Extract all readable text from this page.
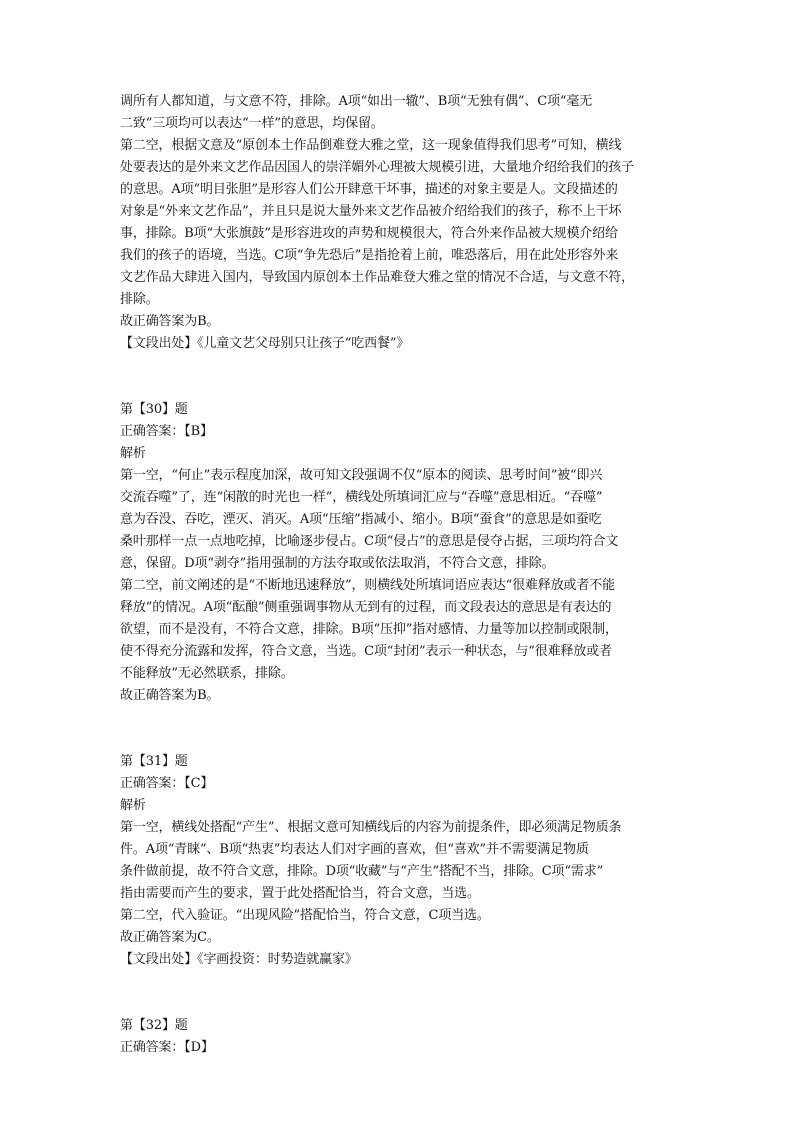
调所有人都知道，与文意不符，排除。A项“如出一辙”、B项“无独有偶”、C项“毫无
二致”三项均可以表达“一样”的意思，均保留。
第二空，根据文意及“原创本土作品倒难登大雅之堂，这一现象值得我们思考”可知，横线
处要表达的是外来文艺作品因国人的崇洋媚外心理被大规模引进，大量地介绍给我们的孩子
的意思。A项“明目张胆”是形容人们公开肆意干坏事，描述的对象主要是人。文段描述的
对象是“外来文艺作品”，并且只是说大量外来文艺作品被介绍给我们的孩子，称不上干坏
事，排除。B项“大张旗鼓”是形容进攻的声势和规模很大，符合外来作品被大规模介绍给
我们的孩子的语境，当选。C项“争先恐后”是指抢着上前，唯恐落后，用在此处形容外来
文艺作品大肆进入国内，导致国内原创本土作品难登大雅之堂的情况不合适，与文意不符，
排除。
故正确答案为B。
【文段出处】《儿童文艺父母别只让孩子“吃西餐”》
第【30】题
正确答案：【B】
解析
第一空，“何止”表示程度加深，故可知文段强调不仅“原本的阅读、思考时间”被“即兴
交流吞噬”了，连“闲散的时光也一样”，横线处所填词汇应与“吞噬”意思相近。“吞噬”
意为吞没、吞吃，湮灭、消灭。A项“压缩”指减小、缩小。B项“蚕食”的意思是如蚕吃
桑叶那样一点一点地吃掉，比喻逐步侵占。C项“侵占”的意思是侵夺占据，三项均符合文
意，保留。D项“剥夺”指用强制的方法夺取或依法取消，不符合文意，排除。
第二空，前文阐述的是“不断地迅速释放”，则横线处所填词语应表达“很难释放或者不能
释放”的情况。A项“酝酿”侧重强调事物从无到有的过程，而文段表达的意思是有表达的
欲望，而不是没有，不符合文意，排除。B项“压抑”指对感情、力量等加以控制或限制，
使不得充分流露和发挥，符合文意，当选。C项“封闭”表示一种状态，与“很难释放或者
不能释放”无必然联系，排除。
故正确答案为B。
第【31】题
正确答案：【C】
解析
第一空，横线处搭配“产生”、根据文意可知横线后的内容为前提条件，即必须满足物质条
件。A项“青睐”、B项“热衷”均表达人们对字画的喜欢，但“喜欢”并不需要满足物质
条件做前提，故不符合文意，排除。D项“收藏”与“产生”搭配不当，排除。C项“需求”
指由需要而产生的要求，置于此处搭配恰当，符合文意，当选。
第二空，代入验证。“出现风险”搭配恰当，符合文意，C项当选。
故正确答案为C。
【文段出处】《字画投资：时势造就赢家》
第【32】题
正确答案：【D】
